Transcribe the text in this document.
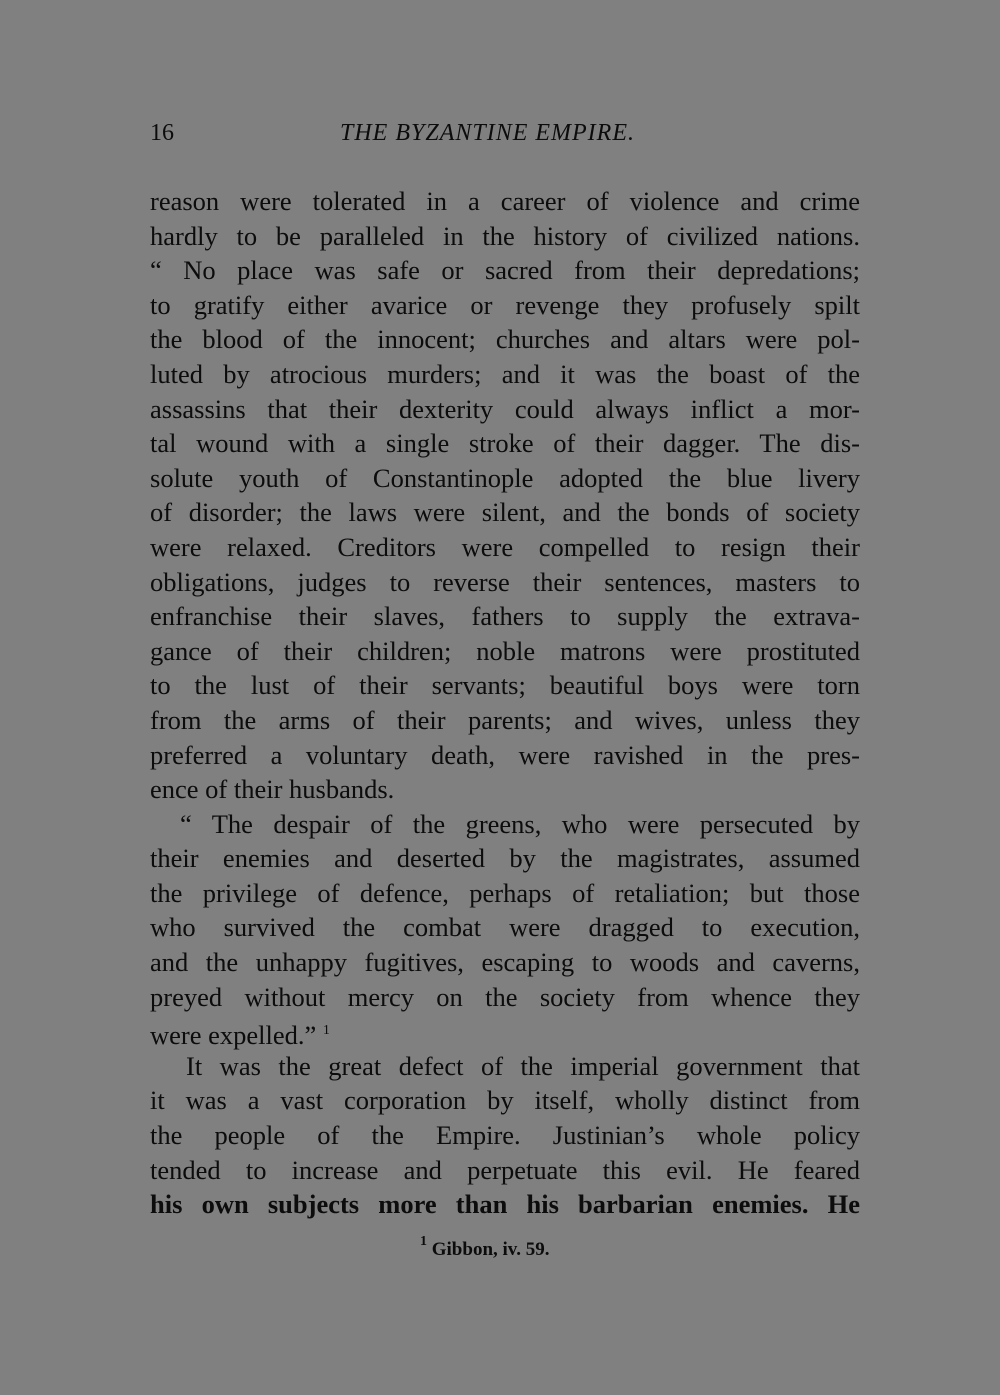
16	THE BYZANTINE EMPIRE.
reason were tolerated in a career of violence and crime
hardly to be paralleled in the history of civilized nations.
“ No place was safe or sacred from their depredations;
to gratify either avarice or revenge they profusely spilt
the blood of the innocent; churches and altars were pol-
luted by atrocious murders; and it was the boast of the
assassins that their dexterity could always inflict a mor-
tal wound with a single stroke of their dagger. The dis-
solute youth of Constantinople adopted the blue livery
of disorder; the laws were silent, and the bonds of society
were relaxed. Creditors were compelled to resign their
obligations, judges to reverse their sentences, masters to
enfranchise their slaves, fathers to supply the extrava-
gance of their children; noble matrons were prostituted
to the lust of their servants; beautiful boys were torn
from the arms of their parents; and wives, unless they
preferred a voluntary death, were ravished in the pres-
ence of their husbands.
“ The despair of the greens, who were persecuted by
their enemies and deserted by the magistrates, assumed
the privilege of defence, perhaps of retaliation; but those
who survived the combat were dragged to execution,
and the unhappy fugitives, escaping to woods and caverns,
preyed without mercy on the society from whence they
were expelled.” $^1$
It was the great defect of the imperial government that
it was a vast corporation by itself, wholly distinct from
the people of the Empire. Justinian’s whole policy
tended to increase and perpetuate this evil. He feared
his own subjects more than his barbarian enemies. He
$^1$ Gibbon, iv. 59.
